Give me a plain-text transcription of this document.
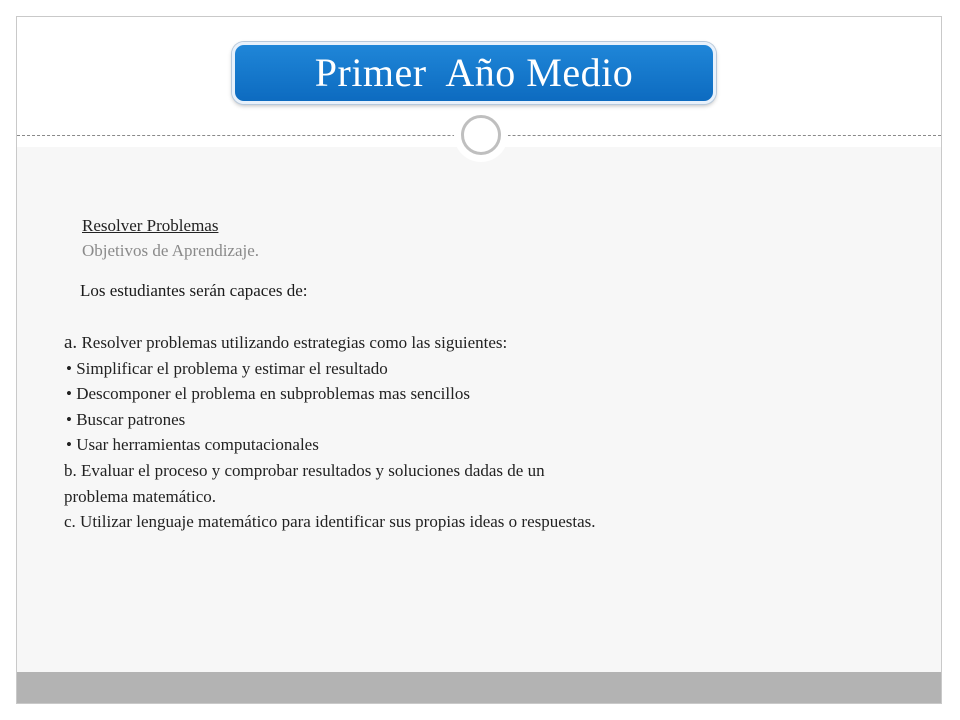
Primer  Año Medio
Resolver Problemas
Objetivos de Aprendizaje.
Los estudiantes serán capaces de:
a. Resolver problemas utilizando estrategias como las siguientes:
• Simplificar el problema y estimar el resultado
• Descomponer el problema en subproblemas mas sencillos
• Buscar patrones
• Usar herramientas computacionales
b. Evaluar el proceso y comprobar resultados y soluciones dadas de un
problema matemático.
c. Utilizar lenguaje matemático para identificar sus propias ideas o respuestas.
